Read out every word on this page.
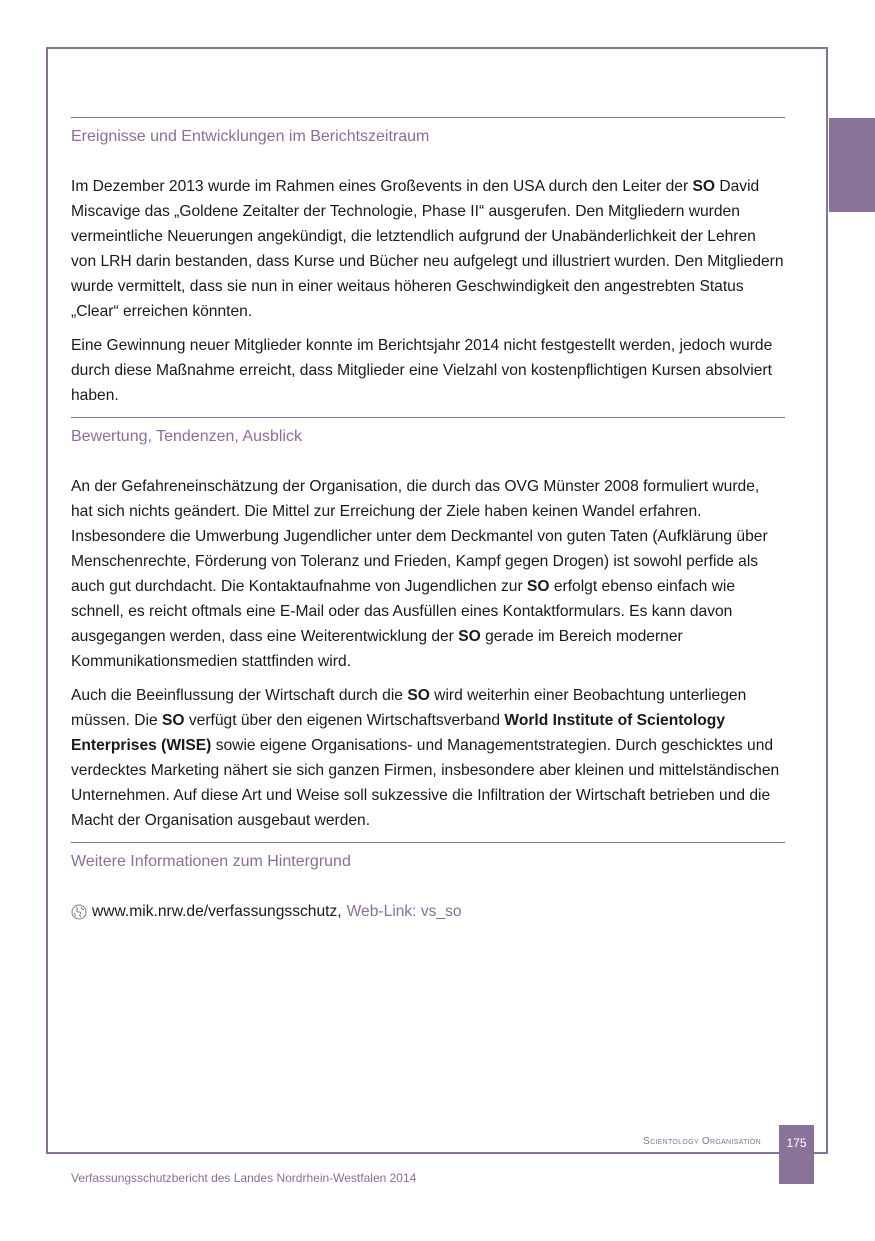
Ereignisse und Entwicklungen im Berichtszeitraum

Im Dezember 2013 wurde im Rahmen eines Großevents in den USA durch den Leiter der SO David Miscavige das „Goldene Zeitalter der Technologie, Phase II“ ausgerufen. Den Mitgliedern wurden vermeintliche Neuerungen angekündigt, die letztendlich aufgrund der Unabänderlichkeit der Lehren von LRH darin bestanden, dass Kurse und Bücher neu aufgelegt und illustriert wurden. Den Mitgliedern wurde vermittelt, dass sie nun in einer weitaus höheren Geschwindigkeit den angestrebten Status „Clear“ erreichen könnten.

Eine Gewinnung neuer Mitglieder konnte im Berichtsjahr 2014 nicht festgestellt werden, jedoch wurde durch diese Maßnahme erreicht, dass Mitglieder eine Vielzahl von kostenpflichtigen Kursen absolviert haben.

Bewertung, Tendenzen, Ausblick

An der Gefahreneinschätzung der Organisation, die durch das OVG Münster 2008 formuliert wurde, hat sich nichts geändert. Die Mittel zur Erreichung der Ziele haben keinen Wandel erfahren. Insbesondere die Umwerbung Jugendlicher unter dem Deckmantel von guten Taten (Aufklärung über Menschenrechte, Förderung von Toleranz und Frieden, Kampf gegen Drogen) ist sowohl perfide als auch gut durchdacht. Die Kontaktaufnahme von Jugendlichen zur SO erfolgt ebenso einfach wie schnell, es reicht oftmals eine E-Mail oder das Ausfüllen eines Kontaktformulars. Es kann davon ausgegangen werden, dass eine Weiterentwicklung der SO gerade im Bereich moderner Kommunikationsmedien stattfinden wird.

Auch die Beeinflussung der Wirtschaft durch die SO wird weiterhin einer Beobachtung unterliegen müssen. Die SO verfügt über den eigenen Wirtschaftsverband World Institute of Scientology Enterprises (WISE) sowie eigene Organisations- und Managementstrategien. Durch geschicktes und verdecktes Marketing nähert sie sich ganzen Firmen, insbesondere aber kleinen und mittelständischen Unternehmen. Auf diese Art und Weise soll sukzessive die Infiltration der Wirtschaft betrieben und die Macht der Organisation ausgebaut werden.

Weitere Informationen zum Hintergrund
www.mik.nrw.de/verfassungsschutz, Web-Link: vs_so
Scientology Organisation	175
Verfassungsschutzbericht des Landes Nordrhein-Westfalen 2014
